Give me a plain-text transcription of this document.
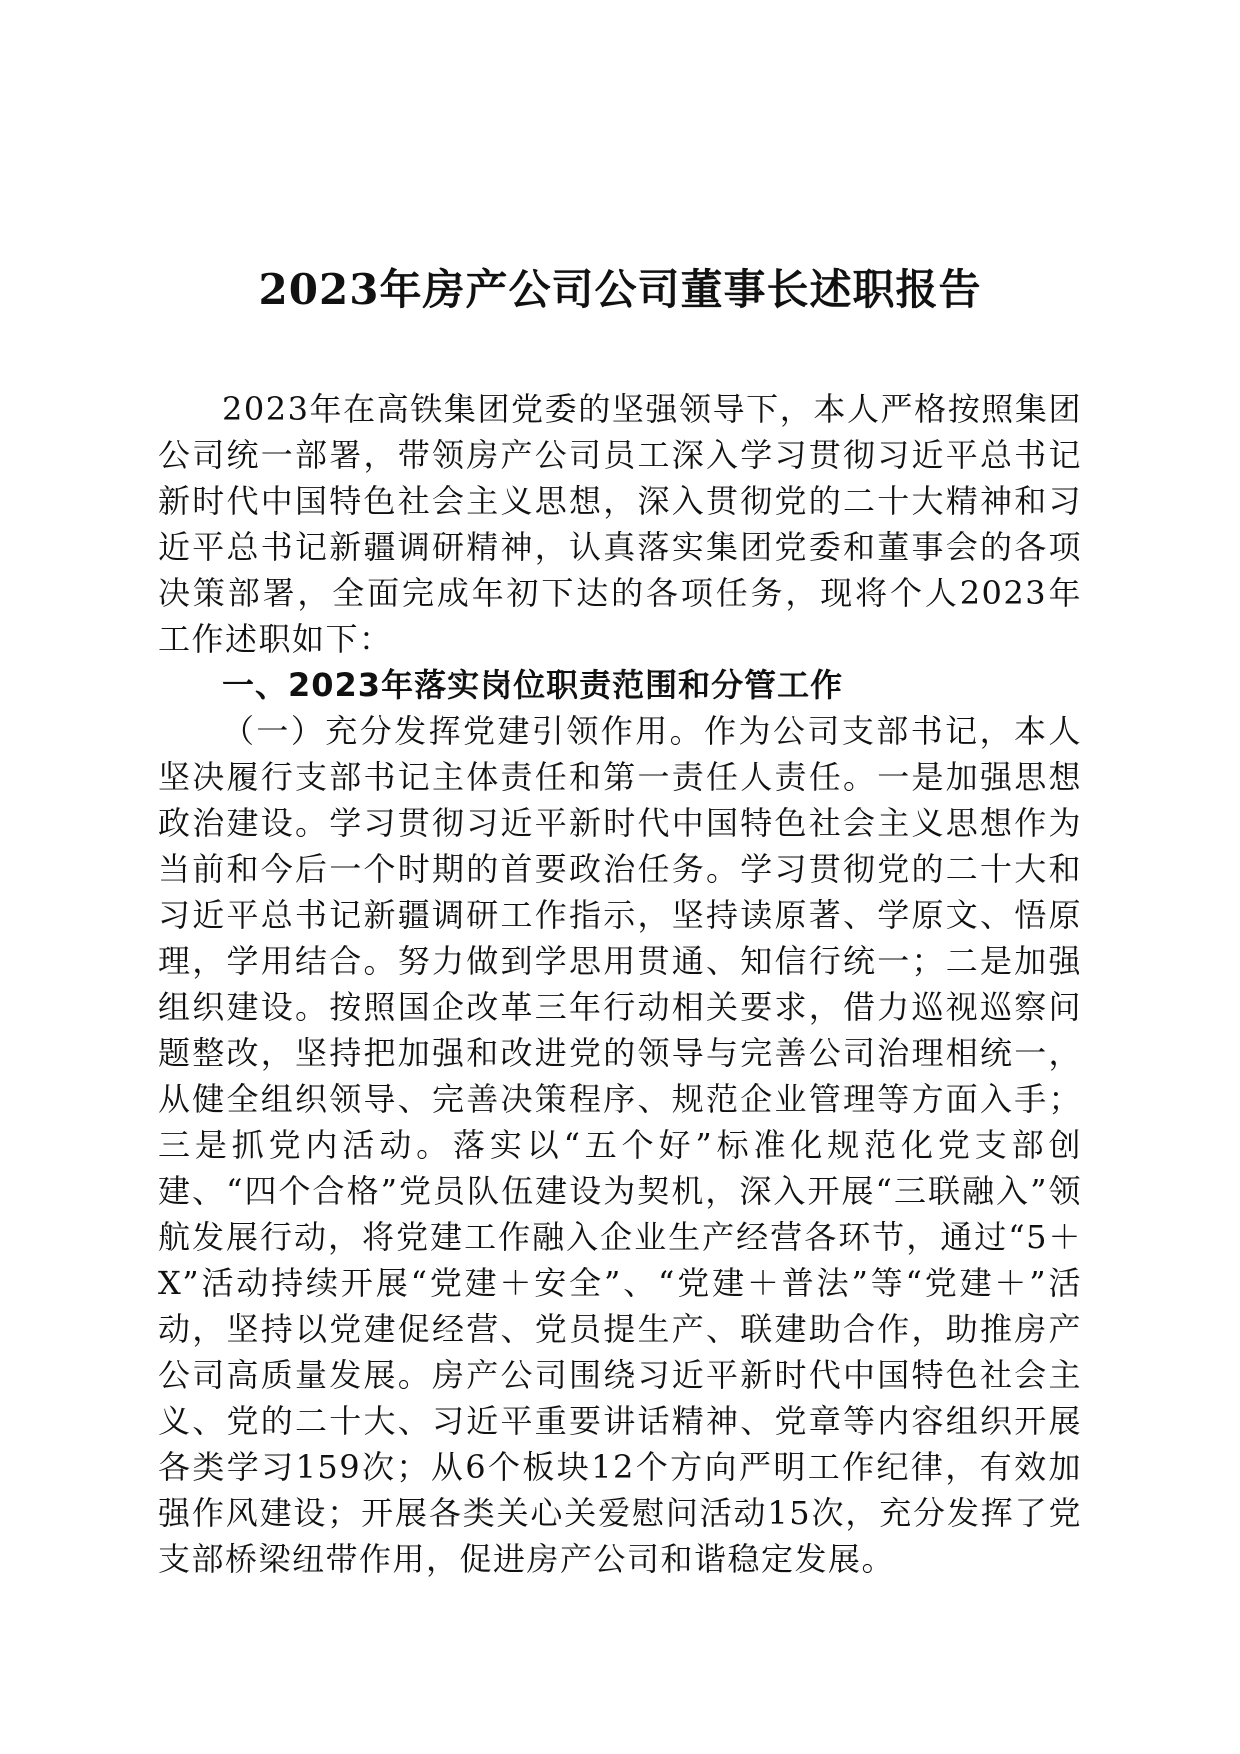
2023年房产公司公司董事长述职报告

2023年在高铁集团党委的坚强领导下，本人严格按照集团公司统一部署，带领房产公司员工深入学习贯彻习近平总书记新时代中国特色社会主义思想，深入贯彻党的二十大精神和习近平总书记新疆调研精神，认真落实集团党委和董事会的各项决策部署，全面完成年初下达的各项任务，现将个人2023年工作述职如下：

一、2023年落实岗位职责范围和分管工作

（一）充分发挥党建引领作用。作为公司支部书记，本人坚决履行支部书记主体责任和第一责任人责任。一是加强思想政治建设。学习贯彻习近平新时代中国特色社会主义思想作为当前和今后一个时期的首要政治任务。学习贯彻党的二十大和习近平总书记新疆调研工作指示，坚持读原著、学原文、悟原理，学用结合。努力做到学思用贯通、知信行统一；二是加强组织建设。按照国企改革三年行动相关要求，借力巡视巡察问题整改，坚持把加强和改进党的领导与完善公司治理相统一，从健全组织领导、完善决策程序、规范企业管理等方面入手；三是抓党内活动。落实以“五个好”标准化规范化党支部创建、“四个合格”党员队伍建设为契机，深入开展“三联融入”领航发展行动，将党建工作融入企业生产经营各环节，通过“5＋X”活动持续开展“党建＋安全”、“党建＋普法”等“党建＋”活动，坚持以党建促经营、党员提生产、联建助合作，助推房产公司高质量发展。房产公司围绕习近平新时代中国特色社会主义、党的二十大、习近平重要讲话精神、党章等内容组织开展各类学习159次；从6个板块12个方向严明工作纪律，有效加强作风建设；开展各类关心关爱慰问活动15次，充分发挥了党支部桥梁纽带作用，促进房产公司和谐稳定发展。
